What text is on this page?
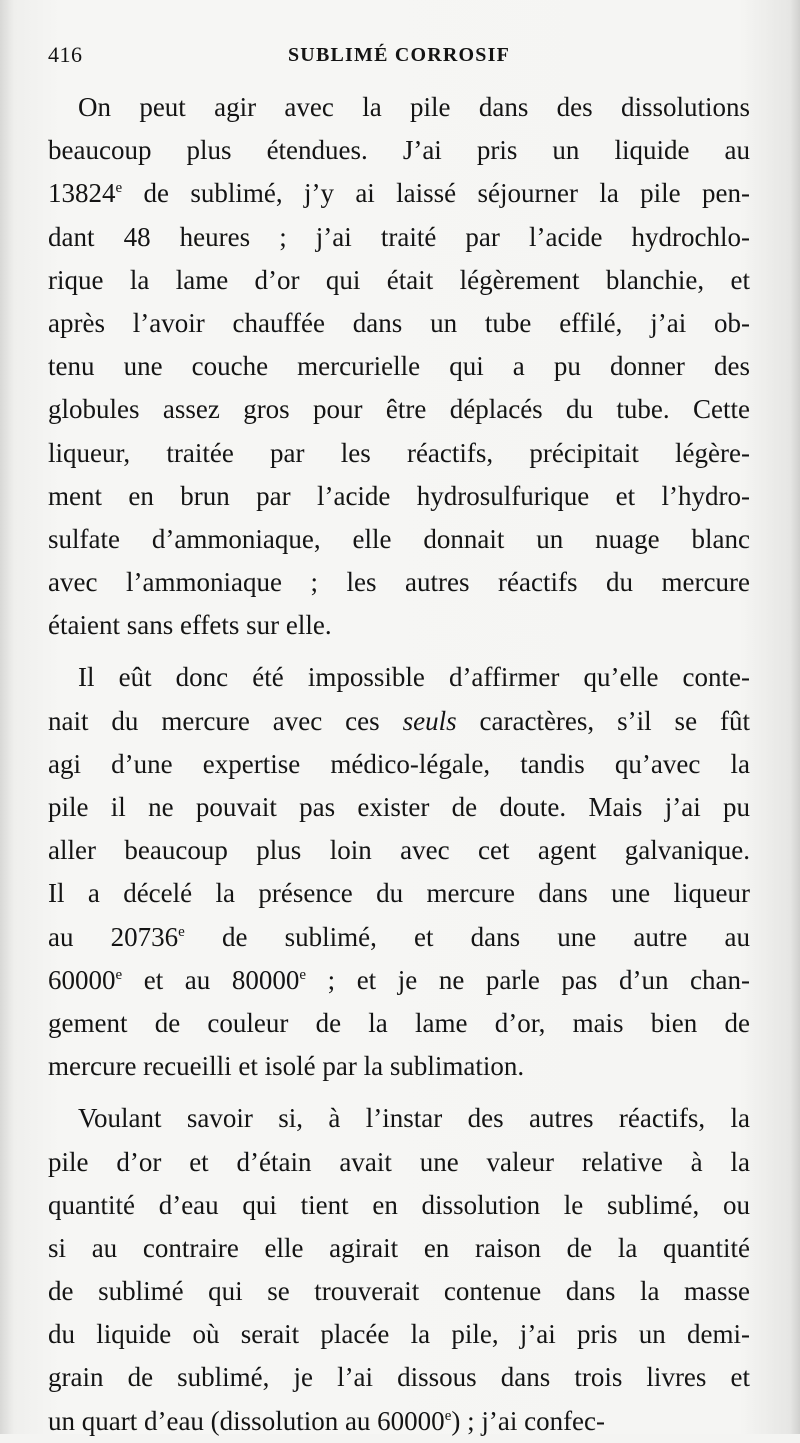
416	SUBLIMÉ CORROSIF
On peut agir avec la pile dans des dissolutions
beaucoup plus étendues. J’ai pris un liquide au
13824e de sublimé, j’y ai laissé séjourner la pile pen-
dant 48 heures ; j’ai traité par l’acide hydrochlo-
rique la lame d’or qui était légèrement blanchie, et
après l’avoir chauffée dans un tube effilé, j’ai ob-
tenu une couche mercurielle qui a pu donner des
globules assez gros pour être déplacés du tube. Cette
liqueur, traitée par les réactifs, précipitait légère-
ment en brun par l’acide hydrosulfurique et l’hydro-
sulfate d’ammoniaque, elle donnait un nuage blanc
avec l’ammoniaque ; les autres réactifs du mercure
étaient sans effets sur elle.
Il eût donc été impossible d’affirmer qu’elle conte-
nait du mercure avec ces seuls caractères, s’il se fût
agi d’une expertise médico-légale, tandis qu’avec la
pile il ne pouvait pas exister de doute. Mais j’ai pu
aller beaucoup plus loin avec cet agent galvanique.
Il a décelé la présence du mercure dans une liqueur
au 20736e de sublimé, et dans une autre au
60000e et au 80000e ; et je ne parle pas d’un chan-
gement de couleur de la lame d’or, mais bien de
mercure recueilli et isolé par la sublimation.
Voulant savoir si, à l’instar des autres réactifs, la
pile d’or et d’étain avait une valeur relative à la
quantité d’eau qui tient en dissolution le sublimé, ou
si au contraire elle agirait en raison de la quantité
de sublimé qui se trouverait contenue dans la masse
du liquide où serait placée la pile, j’ai pris un demi-
grain de sublimé, je l’ai dissous dans trois livres et
un quart d’eau (dissolution au 60000e) ; j’ai confec-
